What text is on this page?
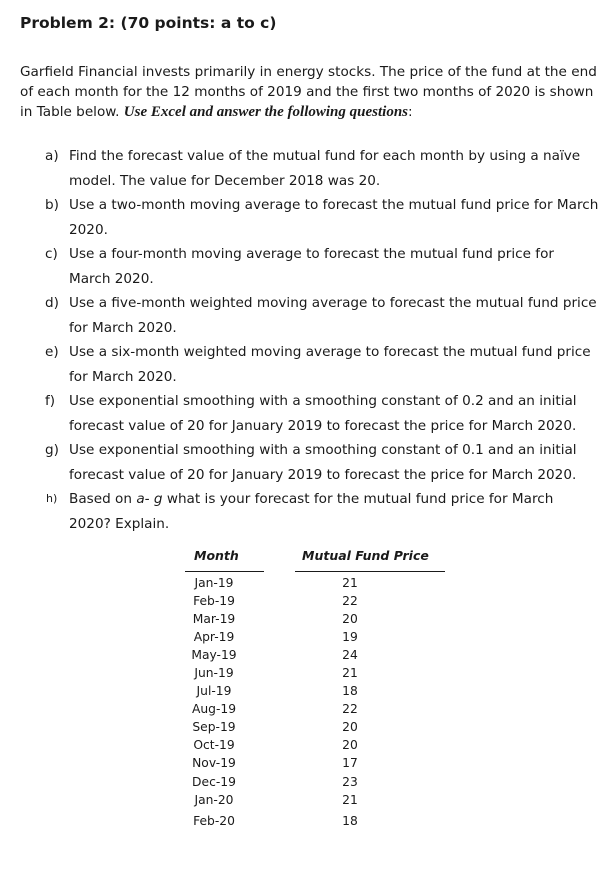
Problem 2: (70 points: a to c)
Garfield Financial invests primarily in energy stocks. The price of the fund at the end of each month for the 12 months of 2019 and the first two months of 2020 is shown in Table below. Use Excel and answer the following questions:
a) Find the forecast value of the mutual fund for each month by using a naïve model. The value for December 2018 was 20.
b) Use a two-month moving average to forecast the mutual fund price for March 2020.
c) Use a four-month moving average to forecast the mutual fund price for March 2020.
d) Use a five-month weighted moving average to forecast the mutual fund price for March 2020.
e) Use a six-month weighted moving average to forecast the mutual fund price for March 2020.
f) Use exponential smoothing with a smoothing constant of 0.2 and an initial forecast value of 20 for January 2019 to forecast the price for March 2020.
g) Use exponential smoothing with a smoothing constant of 0.1 and an initial forecast value of 20 for January 2019 to forecast the price for March 2020.
h) Based on a- g what is your forecast for the mutual fund price for March 2020? Explain.
Month	Mutual Fund Price
Jan-19	21
Feb-19	22
Mar-19	20
Apr-19	19
May-19	24
Jun-19	21
Jul-19	18
Aug-19	22
Sep-19	20
Oct-19	20
Nov-19	17
Dec-19	23
Jan-20	21
Feb-20	18
